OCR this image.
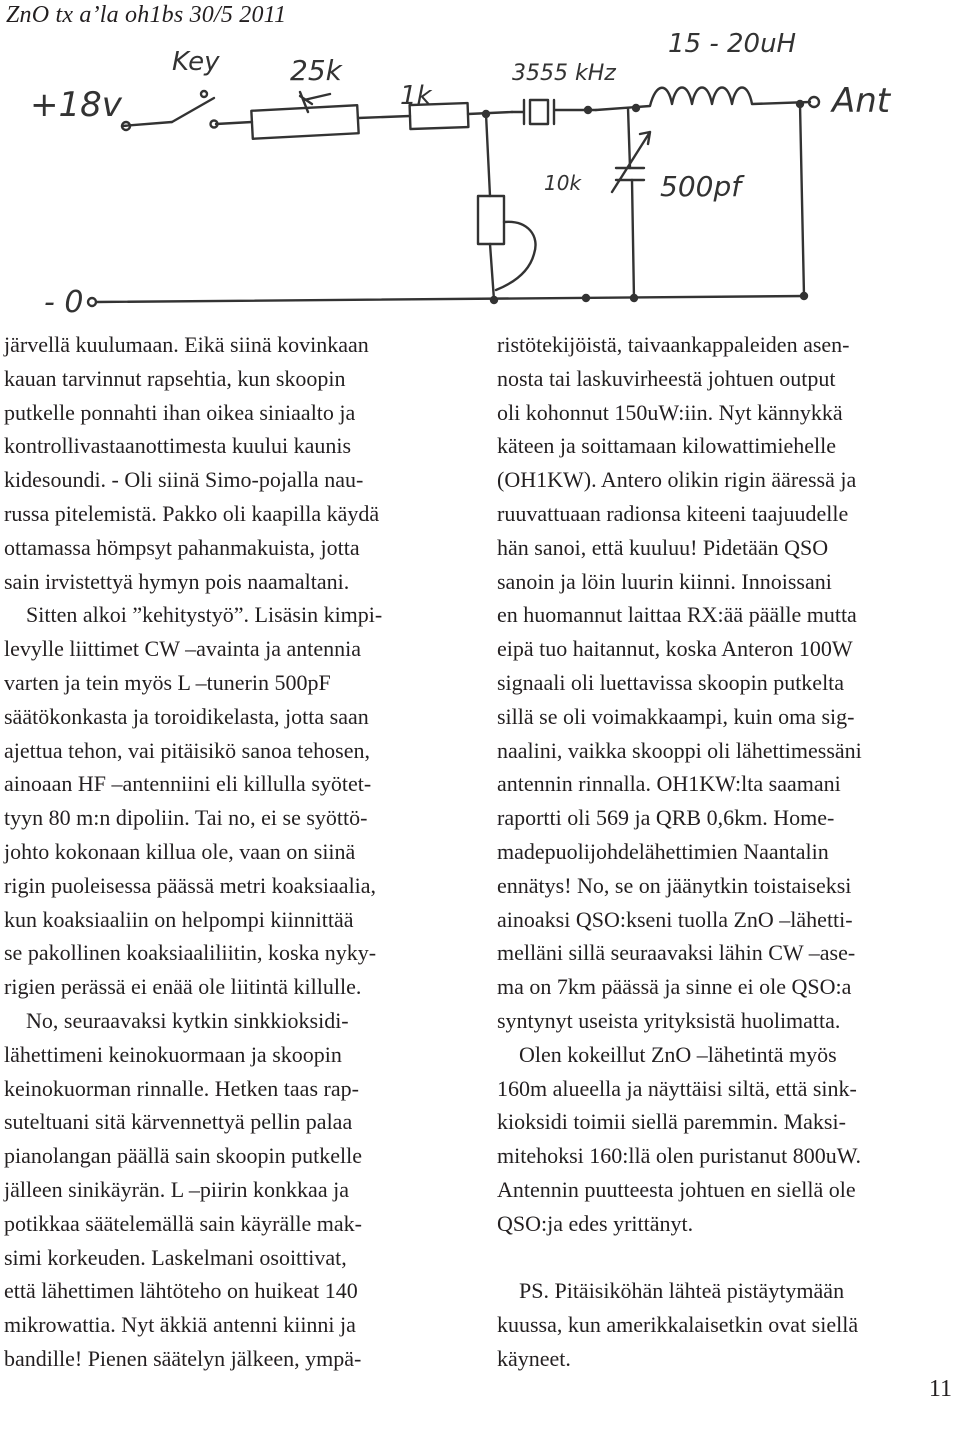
ZnO tx a’la oh1bs 30/5 2011
+18v
Key	25k
1k
3555 kHz
15 - 20uH
Ant
10k	500pf
- 0
järvellä kuulumaan. Eikä siinä kovinkaan
kauan tarvinnut rapsehtia, kun skoopin
putkelle ponnahti ihan oikea siniaalto ja
kontrollivastaanottimesta kuului kaunis
kidesoundi. - Oli siinä Simo-pojalla nau-
russa pitelemistä. Pakko oli kaapilla käydä
ottamassa hömpsyt pahanmakuista, jotta
sain irvistettyä hymyn pois naamaltani.
Sitten alkoi ”kehitystyö”. Lisäsin kimpi-
levylle liittimet CW –avainta ja antennia
varten ja tein myös L –tunerin 500pF
säätökonkasta ja toroidikelasta, jotta saan
ajettua tehon, vai pitäisikö sanoa tehosen,
ainoaan HF –antenniini eli killulla syötet-
tyyn 80 m:n dipoliin. Tai no, ei se syöttö-
johto kokonaan killua ole, vaan on siinä
rigin puoleisessa päässä metri koaksiaalia,
kun koaksiaaliin on helpompi kiinnittää
se pakollinen koaksiaaliliitin, koska nyky-
rigien perässä ei enää ole liitintä killulle.
No, seuraavaksi kytkin sinkkioksidi-
lähettimeni keinokuormaan ja skoopin
keinokuorman rinnalle. Hetken taas rap-
suteltuani sitä kärvennettyä pellin palaa
pianolangan päällä sain skoopin putkelle
jälleen sinikäyrän. L –piirin konkkaa ja
potikkaa säätelemällä sain käyrälle mak-
simi korkeuden. Laskelmani osoittivat,
että lähettimen lähtöteho on huikeat 140
mikrowattia. Nyt äkkiä antenni kiinni ja
bandille! Pienen säätelyn jälkeen, ympä-
ristötekijöistä, taivaankappaleiden asen-
nosta tai laskuvirheestä johtuen output
oli kohonnut 150uW:iin. Nyt kännykkä
käteen ja soittamaan kilowattimiehelle
(OH1KW). Antero olikin rigin ääressä ja
ruuvattuaan radionsa kiteeni taajuudelle
hän sanoi, että kuuluu! Pidetään QSO
sanoin ja löin luurin kiinni. Innoissani
en huomannut laittaa RX:ää päälle mutta
eipä tuo haitannut, koska Anteron 100W
signaali oli luettavissa skoopin putkelta
sillä se oli voimakkaampi, kuin oma sig-
naalini, vaikka skooppi oli lähettimessäni
antennin rinnalla. OH1KW:lta saamani
raportti oli 569 ja QRB 0,6km. Home-
madepuolijohdelähettimien Naantalin
ennätys! No, se on jäänytkin toistaiseksi
ainoaksi QSO:kseni tuolla ZnO –lähetti-
melläni sillä seuraavaksi lähin CW –ase-
ma on 7km päässä ja sinne ei ole QSO:a
syntynyt useista yrityksistä huolimatta.
Olen kokeillut ZnO –lähetintä myös
160m alueella ja näyttäisi siltä, että sink-
kioksidi toimii siellä paremmin. Maksi-
mitehoksi 160:llä olen puristanut 800uW.
Antennin puutteesta johtuen en siellä ole
QSO:ja edes yrittänyt.
PS. Pitäisiköhän lähteä pistäytymään
kuussa, kun amerikkalaisetkin ovat siellä
käyneet.
11
